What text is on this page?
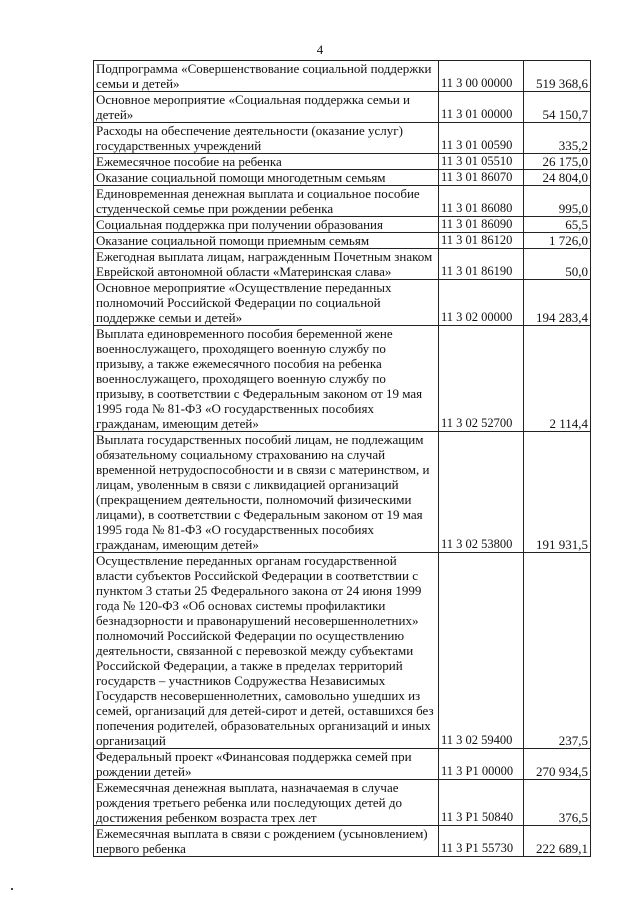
4
Подпрограмма «Совершенствование социальной поддержки семьи и детей»	11 3 00 00000	519 368,6
Основное мероприятие «Социальная поддержка семьи и детей»	11 3 01 00000	54 150,7
Расходы на обеспечение деятельности (оказание услуг) государственных учреждений	11 3 01 00590	335,2
Ежемесячное пособие на ребенка	11 3 01 05510	26 175,0
Оказание социальной помощи многодетным семьям	11 3 01 86070	24 804,0
Единовременная денежная выплата и социальное пособие студенческой семье при рождении ребенка	11 3 01 86080	995,0
Социальная поддержка при получении образования	11 3 01 86090	65,5
Оказание социальной помощи приемным семьям	11 3 01 86120	1 726,0
Ежегодная выплата лицам, награжденным Почетным знаком Еврейской автономной области «Материнская слава»	11 3 01 86190	50,0
Основное мероприятие «Осуществление переданных полномочий Российской Федерации по социальной поддержке семьи и детей»	11 3 02 00000	194 283,4
Выплата единовременного пособия беременной жене военнослужащего, проходящего военную службу по призыву, а также ежемесячного пособия на ребенка военнослужащего, проходящего военную службу по призыву, в соответствии с Федеральным законом от 19 мая 1995 года № 81-ФЗ «О государственных пособиях гражданам, имеющим детей»	11 3 02 52700	2 114,4
Выплата государственных пособий лицам, не подлежащим обязательному социальному страхованию на случай временной нетрудоспособности и в связи с материнством, и лицам, уволенным в связи с ликвидацией организаций (прекращением деятельности, полномочий физическими лицами), в соответствии с Федеральным законом от 19 мая 1995 года № 81-ФЗ «О государственных пособиях гражданам, имеющим детей»	11 3 02 53800	191 931,5
Осуществление переданных органам государственной власти субъектов Российской Федерации в соответствии с пунктом 3 статьи 25 Федерального закона от 24 июня 1999 года № 120-ФЗ «Об основах системы профилактики безнадзорности и правонарушений несовершеннолетних» полномочий Российской Федерации по осуществлению деятельности, связанной с перевозкой между субъектами Российской Федерации, а также в пределах территорий государств – участников Содружества Независимых Государств несовершеннолетних, самовольно ушедших из семей, организаций для детей-сирот и детей, оставшихся без попечения родителей, образовательных организаций и иных организаций	11 3 02 59400	237,5
Федеральный проект «Финансовая поддержка семей при рождении детей»	11 3 P1 00000	270 934,5
Ежемесячная денежная выплата, назначаемая в случае рождения третьего ребенка или последующих детей до достижения ребенком возраста трех лет	11 3 P1 50840	376,5
Ежемесячная выплата в связи с рождением (усыновлением) первого ребенка	11 3 P1 55730	222 689,1
